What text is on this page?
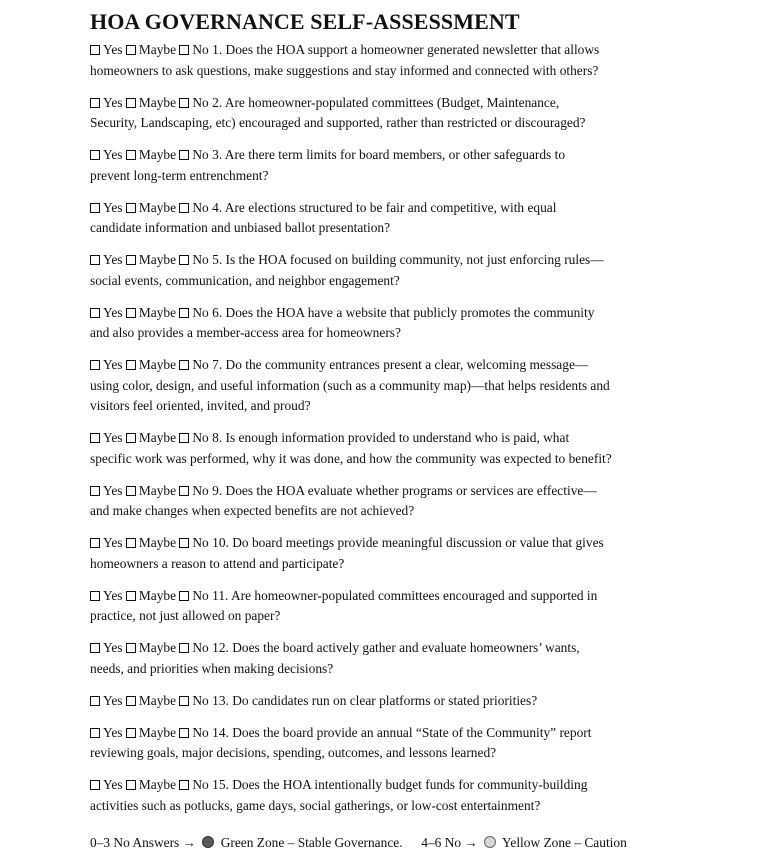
HOA GOVERNANCE SELF-ASSESSMENT
Yes Maybe No 1. Does the HOA support a homeowner generated newsletter that allows
homeowners to ask questions, make suggestions and stay informed and connected with others?
Yes Maybe No 2. Are homeowner-populated committees (Budget, Maintenance,
Security, Landscaping, etc) encouraged and supported, rather than restricted or discouraged?
Yes Maybe No 3. Are there term limits for board members, or other safeguards to
prevent long-term entrenchment?
Yes Maybe No 4. Are elections structured to be fair and competitive, with equal
candidate information and unbiased ballot presentation?
Yes Maybe No 5. Is the HOA focused on building community, not just enforcing rules—
social events, communication, and neighbor engagement?
Yes Maybe No 6. Does the HOA have a website that publicly promotes the community
and also provides a member-access area for homeowners?
Yes Maybe No 7. Do the community entrances present a clear, welcoming message—
using color, design, and useful information (such as a community map)—that helps residents and
visitors feel oriented, invited, and proud?
Yes Maybe No 8. Is enough information provided to understand who is paid, what
specific work was performed, why it was done, and how the community was expected to benefit?
Yes Maybe No 9. Does the HOA evaluate whether programs or services are effective—
and make changes when expected benefits are not achieved?
Yes Maybe No 10. Do board meetings provide meaningful discussion or value that gives
homeowners a reason to attend and participate?
Yes Maybe No 11. Are homeowner-populated committees encouraged and supported in
practice, not just allowed on paper?
Yes Maybe No 12. Does the board actively gather and evaluate homeowners’ wants,
needs, and priorities when making decisions?
Yes Maybe No 13. Do candidates run on clear platforms or stated priorities?
Yes Maybe No 14. Does the board provide an annual “State of the Community” report
reviewing goals, major decisions, spending, outcomes, and lessons learned?
Yes Maybe No 15. Does the HOA intentionally budget funds for community-building
activities such as potlucks, game days, social gatherings, or low-cost entertainment?
0–3 No Answers → Green Zone – Stable Governance. 4–6 No → Yellow Zone – Caution
